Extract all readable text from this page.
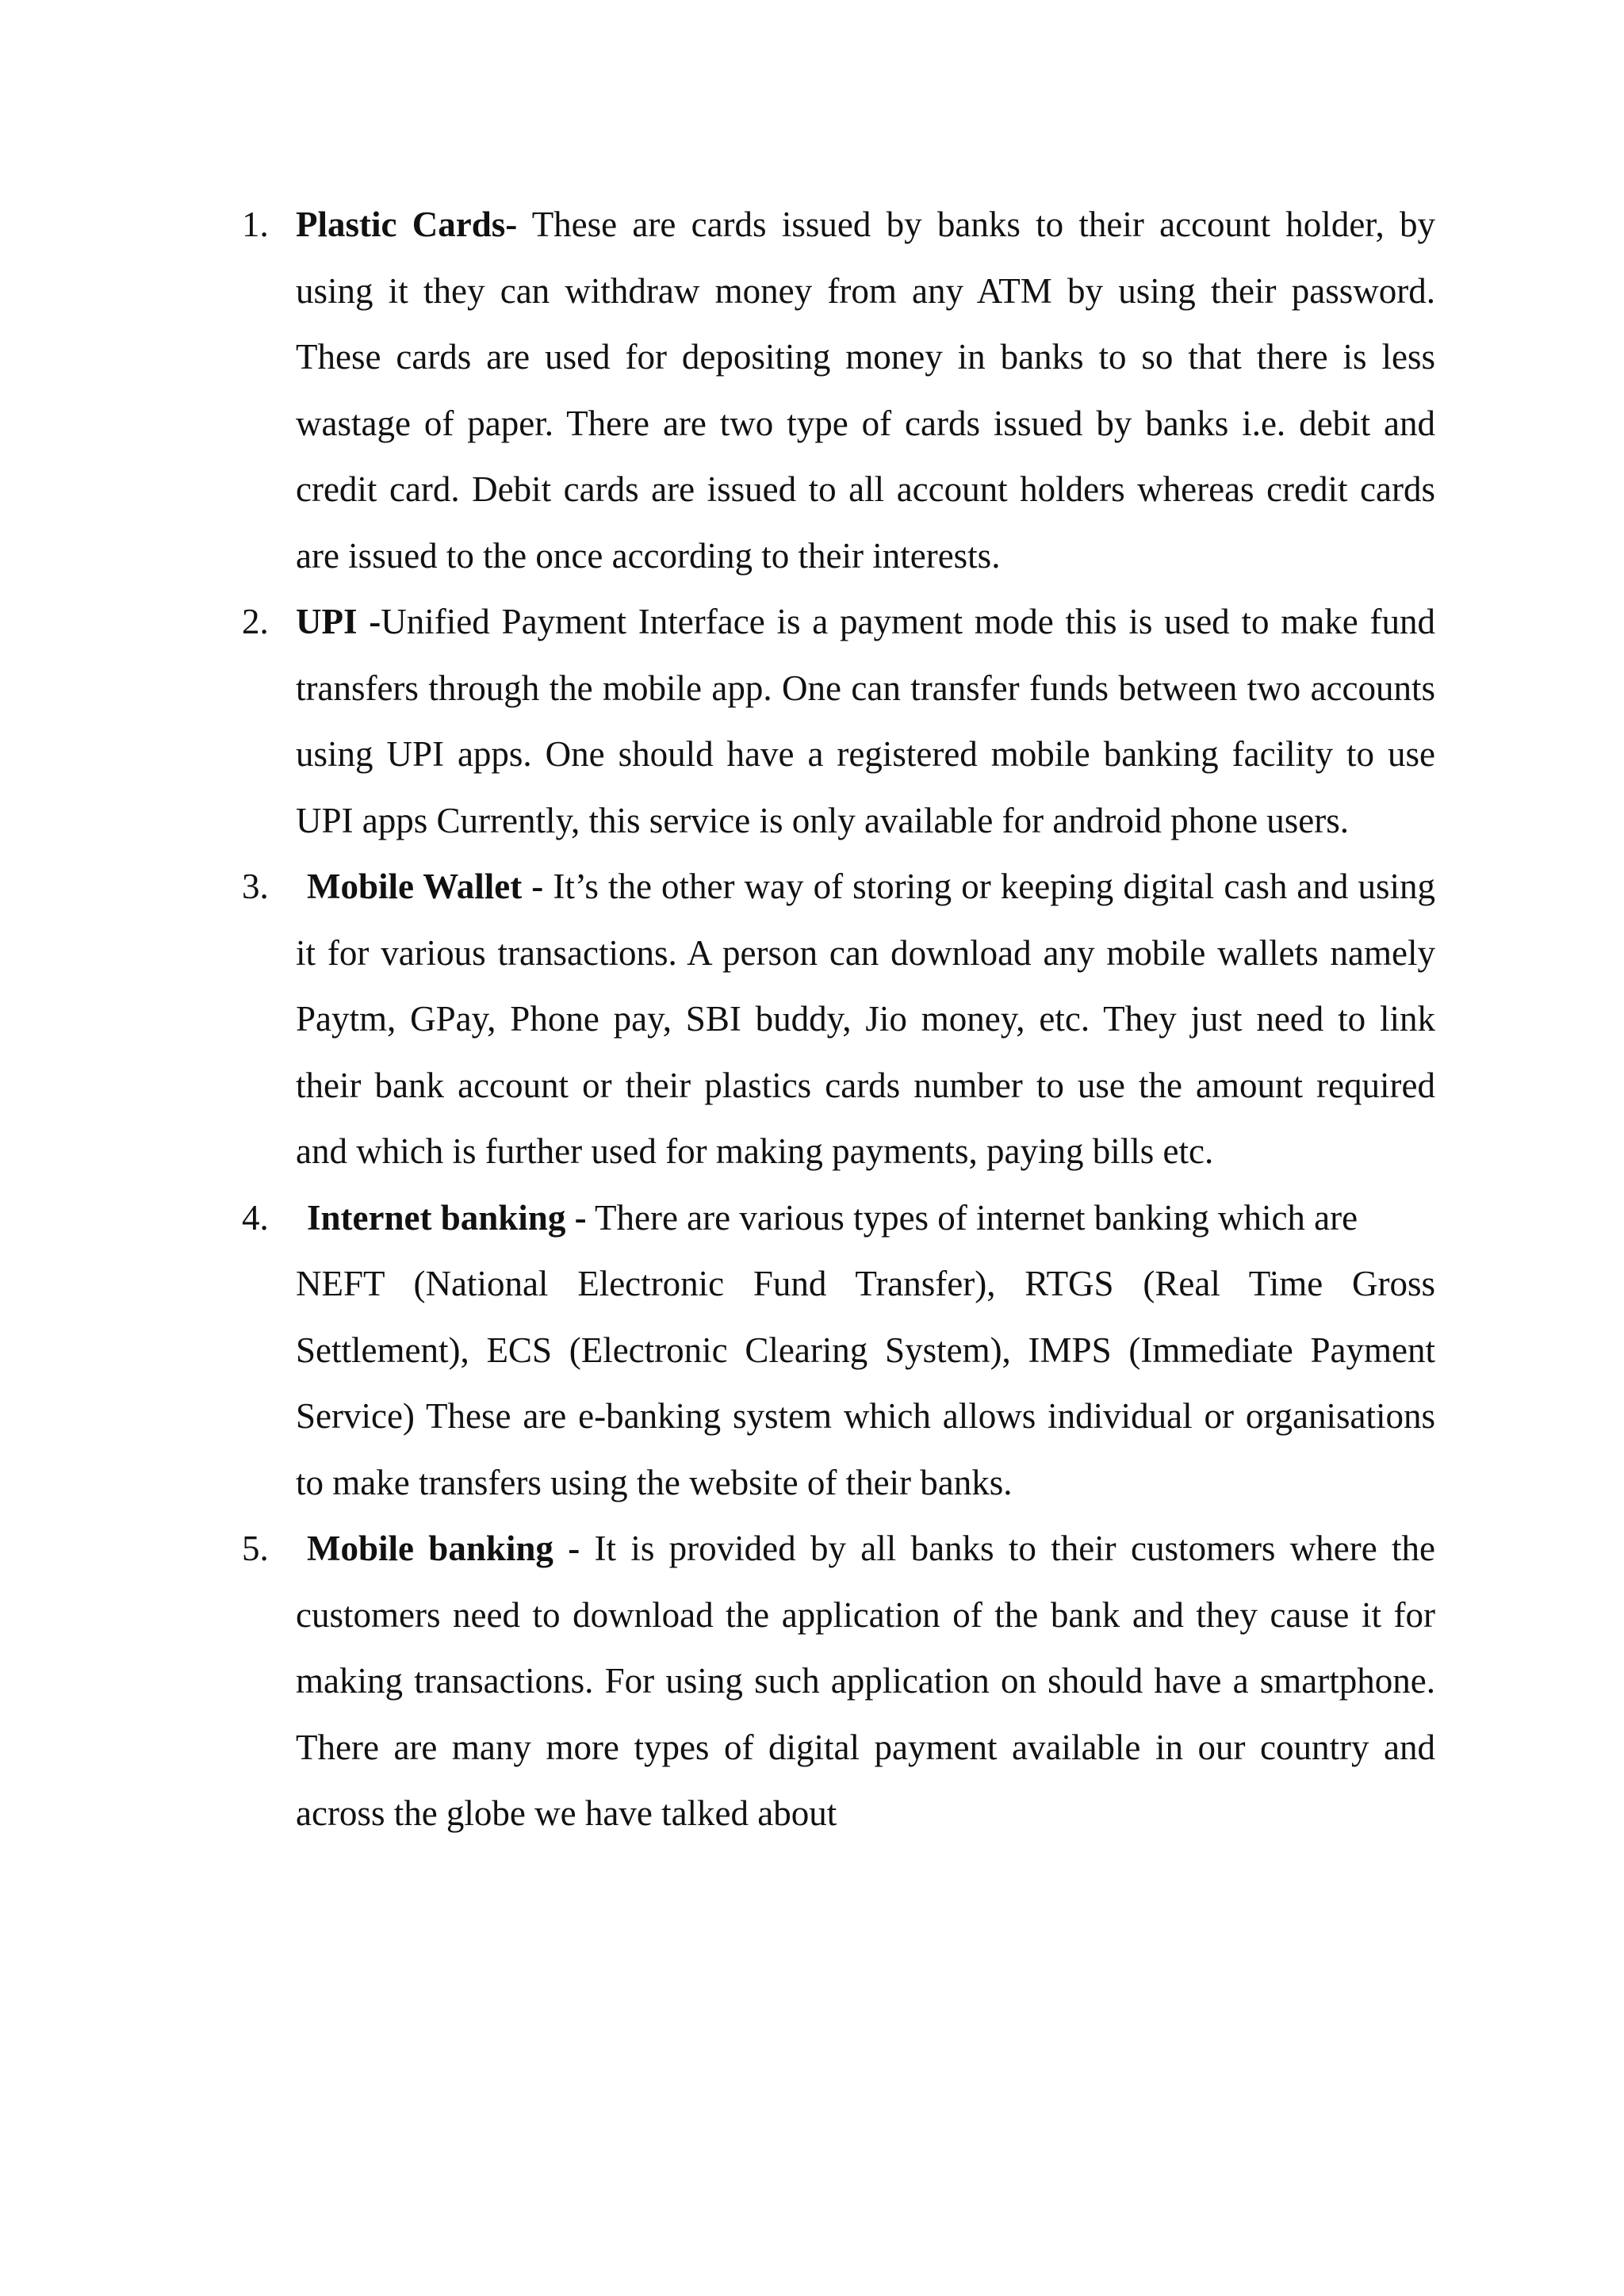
1. Plastic Cards- These are cards issued by banks to their account holder, by using it they can withdraw money from any ATM by using their password. These cards are used for depositing money in banks to so that there is less wastage of paper. There are two type of cards issued by banks i.e. debit and credit card. Debit cards are issued to all account holders whereas credit cards are issued to the once according to their interests.
2. UPI -Unified Payment Interface is a payment mode this is used to make fund transfers through the mobile app. One can transfer funds between two accounts using UPI apps. One should have a registered mobile banking facility to use UPI apps Currently, this service is only available for android phone users.
3.	Mobile Wallet - It’s the other way of storing or keeping digital cash and using it for various transactions. A person can download any mobile wallets namely Paytm, GPay, Phone pay, SBI buddy, Jio money, etc. They just need to link their bank account or their plastics cards number to use the amount required and which is further used for making payments, paying bills etc.
4.	Internet banking - There are various types of internet banking which are
NEFT (National Electronic Fund Transfer), RTGS (Real Time Gross Settlement), ECS (Electronic Clearing System), IMPS (Immediate Payment Service) These are e-banking system which allows individual or organisations to make transfers using the website of their banks.
5.	Mobile banking - It is provided by all banks to their customers where the customers need to download the application of the bank and they cause it for making transactions. For using such application on should have a smartphone. There are many more types of digital payment available in our country and across the globe we have talked about
